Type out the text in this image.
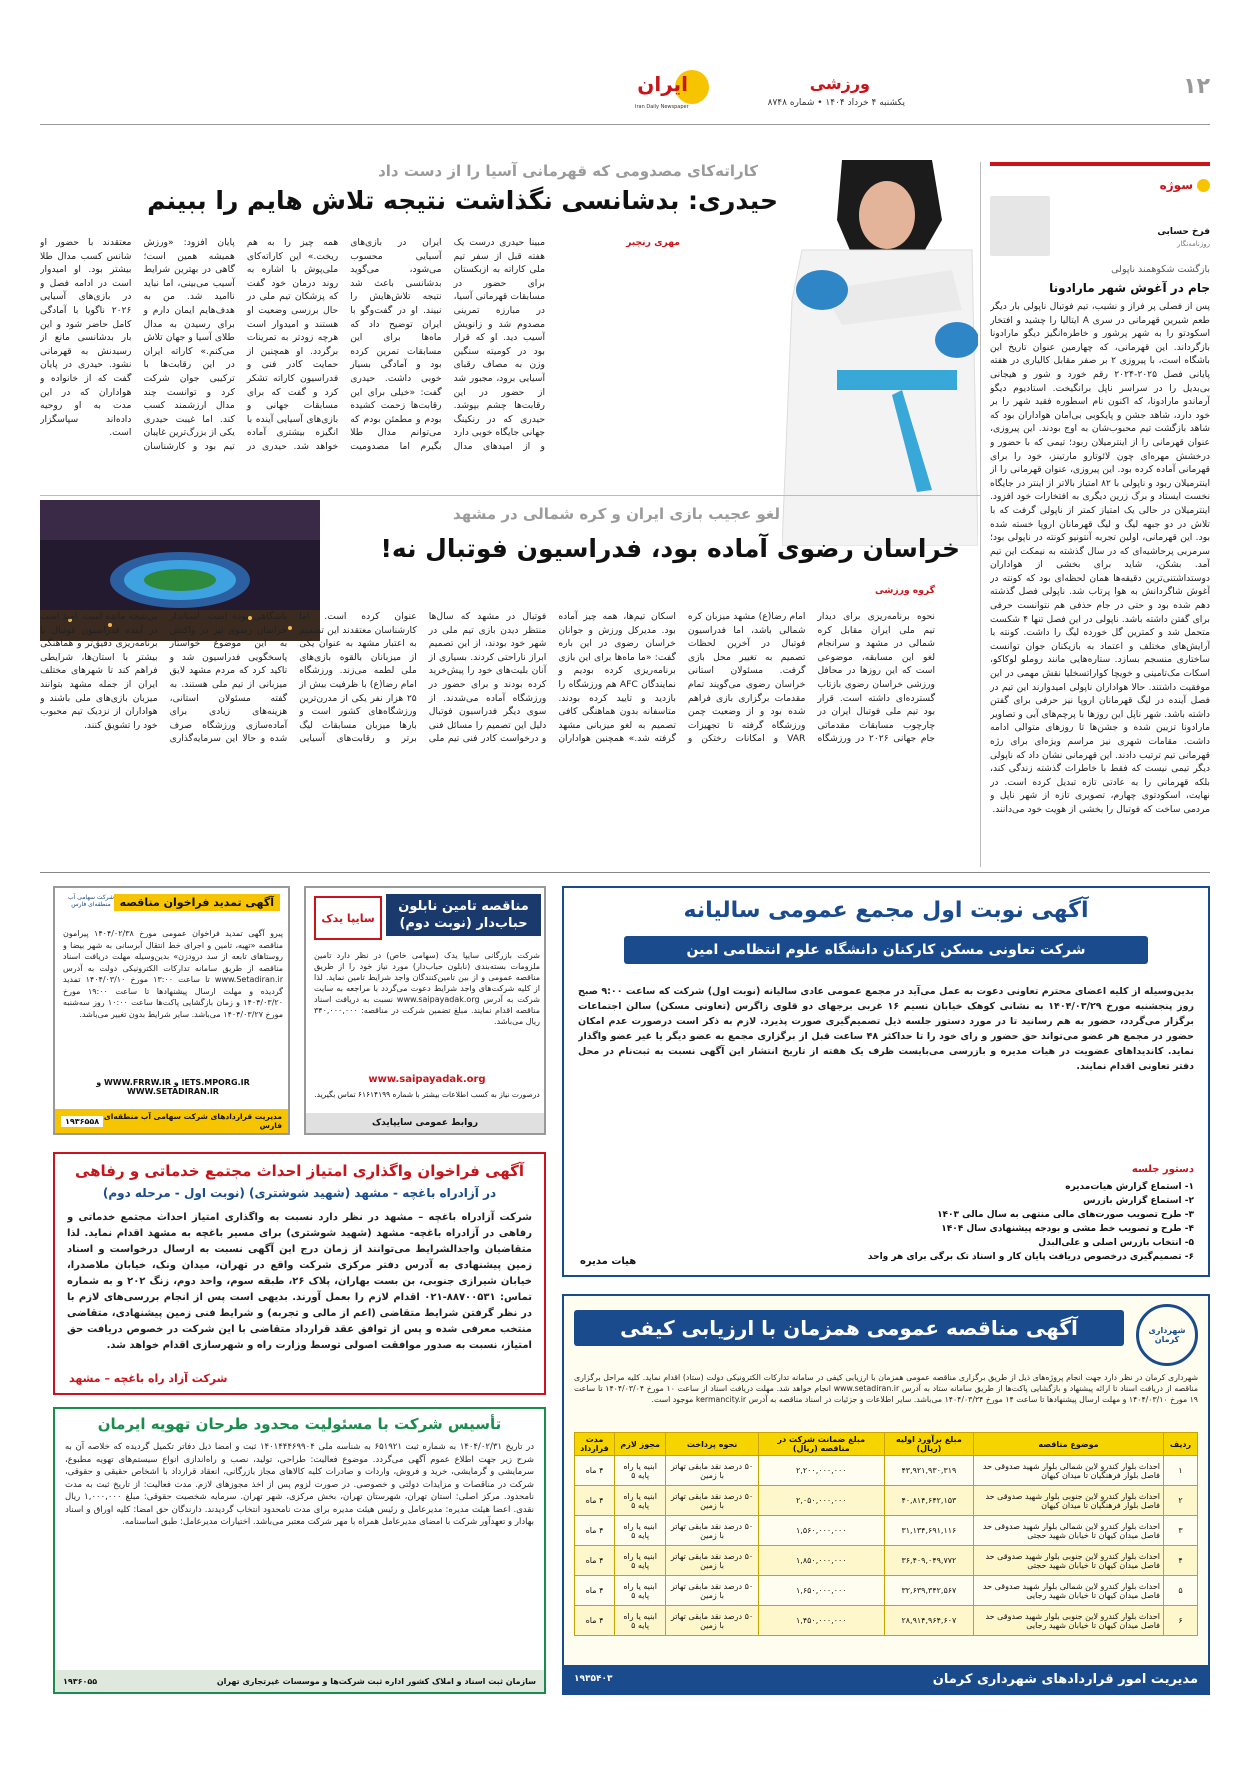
۱۲
ورزشی
یکشنبه ۴ خرداد ۱۴۰۴ • شماره ۸۷۴۸
ایران
Iran Daily Newspaper
سوژه
فرخ حسابی
روزنامه‌نگار
بازگشت شکوهمند ناپولی
جام در آغوش شهر مارادونا
پس از فصلی پر فراز و نشیب، تیم فوتبال ناپولی بار دیگر طعم شیرین قهرمانی در سری A ایتالیا را چشید و افتخار اسکودتو را به شهر پرشور و خاطره‌انگیز دیگو مارادونا بازگرداند. این قهرمانی، که چهارمین عنوان تاریخ این باشگاه است، با پیروزی ۲ بر صفر مقابل کالیاری در هفته پایانی فصل ۲۰۲۵-۲۰۲۴ رقم خورد و شور و هیجانی بی‌بدیل را در سراسر ناپل برانگیخت. استادیوم دیگو آرماندو مارادونا، که اکنون نام اسطوره فقید شهر را بر خود دارد، شاهد جشن و پایکوبی بی‌امان هواداران بود که شاهد بازگشت تیم محبوب‌شان به اوج بودند. این پیروزی، عنوان قهرمانی را از اینترمیلان ربود؛ تیمی که با حضور و درخشش مهره‌ای چون لائوتارو مارتینز، خود را برای قهرمانی آماده کرده بود. این پیروزی، عنوان قهرمانی را از اینترمیلان ربود و ناپولی با ۸۲ امتیاز بالاتر از اینتر در جایگاه نخست ایستاد و برگ زرین دیگری به افتخارات خود افزود. اینترمیلان در حالی یک امتیاز کمتر از ناپولی گرفت که با تلاش در دو جبهه لیگ و لیگ قهرمانان اروپا خسته شده بود. این قهرمانی، اولین تجربه آنتونیو کونته در ناپولی بود؛ سرمربی پرحاشیه‌ای که در سال گذشته به نیمکت این تیم آمد. بشکن، شاید برای بخشی از هواداران دوستداشتنی‌ترین دقیقه‌ها همان لحظه‌ای بود که کونته در آغوش شاگردانش به هوا پرتاب شد. ناپولی فصل گذشته دهم شده بود و حتی در جام حذفی هم نتوانست حرفی برای گفتن داشته باشد. ناپولی در این فصل تنها ۴ شکست متحمل شد و کمترین گل خورده لیگ را داشت. کونته با آرایش‌های مختلف و اعتماد به بازیکنان جوان توانست ساختاری منسجم بسازد. ستاره‌هایی مانند روملو لوکاکو، اسکات مک‌تامینی و خویچا کواراتسخلیا نقش مهمی در این موفقیت داشتند. حالا هواداران ناپولی امیدوارند این تیم در فصل آینده در لیگ قهرمانان اروپا نیز حرفی برای گفتن داشته باشد. شهر ناپل این روزها با پرچم‌های آبی و تصاویر مارادونا تزیین شده و جشن‌ها تا روزهای متوالی ادامه داشت. مقامات شهری نیز مراسم ویژه‌ای برای رژه قهرمانی تیم ترتیب دادند. این قهرمانی نشان داد که ناپولی دیگر تیمی نیست که فقط با خاطرات گذشته زندگی کند، بلکه قهرمانی را به عادتی تازه تبدیل کرده است. در نهایت، اسکودتوی چهارم، تصویری تازه از شهر ناپل و مردمی ساخت که فوتبال را بخشی از هویت خود می‌دانند.
کاراته‌کای مصدومی که قهرمانی آسیا را از دست داد
حیدری: بدشانسی نگذاشت نتیجه تلاش هایم را ببینم
مهری رنجبر
مبینا حیدری درست یک هفته قبل از سفر تیم ملی کاراته به ازبکستان برای حضور در مسابقات قهرمانی آسیا، در مبارزه تمرینی مصدوم شد و زانویش آسیب دید. او که قرار بود در کومیته سنگین وزن به مصاف رقبای آسیایی برود، مجبور شد از حضور در این رقابت‌ها چشم بپوشد. حیدری که در رنکینگ جهانی جایگاه خوبی دارد و از امیدهای مدال ایران در بازی‌های آسیایی محسوب می‌شود، می‌گوید بدشانسی باعث شد نتیجه تلاش‌هایش را نبیند. او در گفت‌وگو با ایران توضیح داد که ماه‌ها برای این مسابقات تمرین کرده بود و آمادگی بسیار خوبی داشت. حیدری گفت: «خیلی برای این رقابت‌ها زحمت کشیده بودم و مطمئن بودم که می‌توانم مدال طلا بگیرم اما مصدومیت همه چیز را به هم ریخت.» این کاراته‌کای ملی‌پوش با اشاره به روند درمان خود گفت که پزشکان تیم ملی در حال بررسی وضعیت او هستند و امیدوار است هرچه زودتر به تمرینات برگردد. او همچنین از حمایت کادر فنی و فدراسیون کاراته تشکر کرد و گفت که برای مسابقات جهانی و بازی‌های آسیایی آینده با انگیزه بیشتری آماده خواهد شد. حیدری در پایان افزود: «ورزش همیشه همین است؛ گاهی در بهترین شرایط آسیب می‌بینی، اما نباید ناامید شد. من به هدف‌هایم ایمان دارم و برای رسیدن به مدال طلای آسیا و جهان تلاش می‌کنم.» کاراته ایران در این رقابت‌ها با ترکیبی جوان شرکت کرد و توانست چند مدال ارزشمند کسب کند. اما غیبت حیدری یکی از بزرگ‌ترین غایبان تیم بود و کارشناسان معتقدند با حضور او شانس کسب مدال طلا بیشتر بود. او امیدوار است در ادامه فصل و در بازی‌های آسیایی ۲۰۲۶ ناگویا با آمادگی کامل حاضر شود و این بار بدشانسی مانع از رسیدنش به قهرمانی نشود. حیدری در پایان گفت که از خانواده و هواداران که در این مدت به او روحیه داده‌اند سپاسگزار است.
لغو عجیب بازی ایران و کره شمالی در مشهد
خراسان رضوی آماده بود، فدراسیون فوتبال نه!
گروه ورزشی
نحوه برنامه‌ریزی برای دیدار تیم ملی ایران مقابل کره شمالی در مشهد و سرانجام لغو این مسابقه، موضوعی است که این روزها در محافل ورزشی خراسان رضوی بازتاب گسترده‌ای داشته است. قرار بود تیم ملی فوتبال ایران در چارچوب مسابقات مقدماتی جام جهانی ۲۰۲۶ در ورزشگاه امام رضا(ع) مشهد میزبان کره شمالی باشد، اما فدراسیون فوتبال در آخرین لحظات تصمیم به تغییر محل بازی گرفت. مسئولان استانی خراسان رضوی می‌گویند تمام مقدمات برگزاری بازی فراهم شده بود و از وضعیت چمن ورزشگاه گرفته تا تجهیزات VAR و امکانات رختکن و اسکان تیم‌ها، همه چیز آماده بود. مدیرکل ورزش و جوانان خراسان رضوی در این باره گفت: «ما ماه‌ها برای این بازی برنامه‌ریزی کرده بودیم و نمایندگان AFC هم ورزشگاه را بازدید و تایید کرده بودند. متاسفانه بدون هماهنگی کافی تصمیم به لغو میزبانی مشهد گرفته شد.» همچنین هواداران فوتبال در مشهد که سال‌ها منتظر دیدن بازی تیم ملی در شهر خود بودند، از این تصمیم ابراز ناراحتی کردند. بسیاری از آنان بلیت‌های خود را پیش‌خرید کرده بودند و برای حضور در ورزشگاه آماده می‌شدند. از سوی دیگر فدراسیون فوتبال دلیل این تصمیم را مسائل فنی و درخواست کادر فنی تیم ملی عنوان کرده است. اما کارشناسان معتقدند این تصمیم به اعتبار مشهد به عنوان یکی از میزبانان بالقوه بازی‌های ملی لطمه می‌زند. ورزشگاه امام رضا(ع) با ظرفیت بیش از ۲۵ هزار نفر یکی از مدرن‌ترین ورزشگاه‌های کشور است و بارها میزبان مسابقات لیگ برتر و رقابت‌های آسیایی باشگاهی بوده است. استاندار خراسان رضوی نیز در واکنش به این موضوع خواستار پاسخگویی فدراسیون شد و تاکید کرد که مردم مشهد لایق میزبانی از تیم ملی هستند. به گفته مسئولان استانی، هزینه‌های زیادی برای آماده‌سازی ورزشگاه صرف شده و حالا این سرمایه‌گذاری بی‌نتیجه مانده است. امید است در آینده فدراسیون فوتبال با برنامه‌ریزی دقیق‌تر و هماهنگی بیشتر با استان‌ها، شرایطی فراهم کند تا شهرهای مختلف ایران از جمله مشهد بتوانند میزبان بازی‌های ملی باشند و هواداران از نزدیک تیم محبوب خود را تشویق کنند.
آگهی تمدید فراخوان مناقصه
شرکت سهامی آب منطقه‌ای فارس
پیرو آگهی تمدید فراخوان عمومی مورخ ۱۴۰۴/۰۲/۳۸ پیرامون مناقصه «تهیه، تامین و اجرای خط انتقال آبرسانی به شهر بیضا و روستاهای تابعه از سد درودزن» بدین‌وسیله مهلت دریافت اسناد مناقصه از طریق سامانه تدارکات الکترونیکی دولت به آدرس www.Setadiran.ir تا ساعت ۱۳:۰۰ مورخ ۱۴۰۴/۰۳/۱۰ تمدید گردیده و مهلت ارسال پیشنهادها تا ساعت ۱۹:۰۰ مورخ ۱۴۰۴/۰۳/۲۰ و زمان بازگشایی پاکت‌ها ساعت ۱۰:۰۰ روز سه‌شنبه مورخ ۱۴۰۴/۰۳/۲۷ می‌باشد. سایر شرایط بدون تغییر می‌باشد.
IETS.MPORG.IR و WWW.FRRW.IR و WWW.SETADIRAN.IR
مدیریت قراردادهای شرکت سهامی آب منطقه‌ای فارس
۱۹۳۶۵۵۸
مناقصه تامین نابلون حباب‌دار (نوبت دوم)
سایپا یدک
شرکت بازرگانی سایپا یدک (سهامی خاص) در نظر دارد تامین ملزومات بسته‌بندی (نابلون حباب‌دار) مورد نیاز خود را از طریق مناقصه عمومی و از بین تامین‌کنندگان واجد شرایط تامین نماید. لذا از کلیه شرکت‌های واجد شرایط دعوت می‌گردد با مراجعه به سایت شرکت به آدرس www.saipayadak.org نسبت به دریافت اسناد مناقصه اقدام نمایند. مبلغ تضمین شرکت در مناقصه: ۳۴۰,۰۰۰,۰۰۰ ریال می‌باشد.
www.saipayadak.org
درصورت نیاز به کسب اطلاعات بیشتر با شماره ۶۱۶۱۴۱۹۹ تماس بگیرید.
روابط عمومی سایپایدک
آگهی نوبت اول مجمع عمومی سالیانه
شرکت تعاونی مسکن کارکنان دانشگاه علوم انتظامی امین
بدین‌وسیله از کلیه اعضای محترم تعاونی دعوت به عمل می‌آید در مجمع عمومی عادی سالیانه (نوبت اول) شرکت که ساعت ۹:۰۰ صبح روز پنجشنبه مورخ ۱۴۰۴/۰۳/۲۹ به نشانی کوهک خیابان نسیم ۱۶ غربی برجهای دو قلوی زاگرس (تعاونی مسکن) سالن اجتماعات برگزار می‌گردد، حضور به هم رسانید تا در مورد دستور جلسه ذیل تصمیم‌گیری صورت پذیرد. لازم به ذکر است درصورت عدم امکان حضور در مجمع هر عضو می‌تواند حق حضور و رای خود را تا حداکثر ۴۸ ساعت قبل از برگزاری مجمع به عضو دیگر یا غیر عضو واگذار نماید. کاندیداهای عضویت در هیات مدیره و بازرسی می‌بایست ظرف یک هفته از تاریخ انتشار این آگهی نسبت به ثبت‌نام در محل دفتر تعاونی اقدام نمایند.
دستور جلسه
۱- استماع گزارش هیات‌مدیره
۲- استماع گزارش بازرس
۳- طرح تصویب صورت‌های مالی منتهی به سال مالی ۱۴۰۳
۴- طرح و تصویب خط مشی و بودجه پیشنهادی سال ۱۴۰۴
۵- انتخاب بازرس اصلی و علی‌البدل
۶- تصمیم‌گیری درخصوص دریافت پایان کار و اسناد تک برگی برای هر واحد
هیات مدیره
آگهی فراخوان واگذاری امتیاز احداث مجتمع خدماتی و رفاهی
در آزادراه باغچه - مشهد (شهید شوشتری) (نوبت اول - مرحله دوم)
شرکت آزادراه باغچه – مشهد در نظر دارد نسبت به واگذاری امتیاز احداث مجتمع خدماتی و رفاهی در آزادراه باغچه- مشهد (شهید شوشتری) برای مسیر باغچه به مشهد اقدام نماید. لذا متقاضیان واجدالشرایط می‌توانند از زمان درج این آگهی نسبت به ارسال درخواست و اسناد زمین پیشنهادی به آدرس دفتر مرکزی شرکت واقع در تهران، میدان ونک، خیابان ملاصدرا، خیابان شیرازی جنوبی، بن بست بهاران، پلاک ۲۶، طبقه سوم، واحد دوم، زنگ ۲۰۲ و به شماره تماس: ۸۸۷۰۰۵۳۱-۰۲۱ اقدام لازم را بعمل آورند. بدیهی است پس از انجام بررسی‌های لازم با در نظر گرفتن شرایط متقاضی (اعم از مالی و تجربه) و شرایط فنی زمین پیشنهادی، متقاضی منتخب معرفی شده و پس از توافق عقد قرارداد متقاضی با این شرکت در خصوص دریافت حق امتیاز، نسبت به صدور موافقت اصولی توسط وزارت راه و شهرسازی اقدام خواهد شد.
شرکت آزاد راه باغچه – مشهد
تأسیس شرکت با مسئولیت محدود طرحان تهویه ایرمان
در تاریخ ۱۴۰۴/۰۲/۳۱ به شماره ثبت ۶۵۱۹۲۱ به شناسه ملی ۱۴۰۱۴۴۴۶۹۹۰۴ ثبت و امضا ذیل دفاتر تکمیل گردیده که خلاصه آن به شرح زیر جهت اطلاع عموم آگهی می‌گردد. موضوع فعالیت: طراحی، تولید، نصب و راه‌اندازی انواع سیستم‌های تهویه مطبوع، سرمایشی و گرمایشی، خرید و فروش، واردات و صادرات کلیه کالاهای مجاز بازرگانی، انعقاد قرارداد با اشخاص حقیقی و حقوقی، شرکت در مناقصات و مزایدات دولتی و خصوصی. در صورت لزوم پس از اخذ مجوزهای لازم. مدت فعالیت: از تاریخ ثبت به مدت نامحدود. مرکز اصلی: استان تهران، شهرستان تهران، بخش مرکزی، شهر تهران. سرمایه شخصیت حقوقی: مبلغ ۱,۰۰۰,۰۰۰ ریال نقدی. اعضا هیئت مدیره: مدیرعامل و رئیس هیئت مدیره برای مدت نامحدود انتخاب گردیدند. دارندگان حق امضا: کلیه اوراق و اسناد بهادار و تعهدآور شرکت با امضای مدیرعامل همراه با مهر شرکت معتبر می‌باشد. اختیارات مدیرعامل: طبق اساسنامه.
سازمان ثبت اسناد و املاک کشور اداره ثبت شرکت‌ها و موسسات غیرتجاری تهران
۱۹۳۶۰۵۵
شهرداری کرمان
آگهی مناقصه عمومی همزمان با ارزیابی کیفی
شهرداری کرمان در نظر دارد جهت انجام پروژه‌های ذیل از طریق برگزاری مناقصه عمومی همزمان با ارزیابی کیفی در سامانه تدارکات الکترونیکی دولت (ستاد) اقدام نماید. کلیه مراحل برگزاری مناقصه از دریافت اسناد تا ارائه پیشنهاد و بازگشایی پاکت‌ها از طریق سامانه ستاد به آدرس www.setadiran.ir انجام خواهد شد. مهلت دریافت اسناد از ساعت ۱۰ مورخ ۱۴۰۴/۰۳/۰۴ تا ساعت ۱۹ مورخ ۱۴۰۴/۰۳/۱۰ و مهلت ارسال پیشنهادها تا ساعت ۱۴ مورخ ۱۴۰۴/۰۳/۲۴ می‌باشد. سایر اطلاعات و جزئیات در اسناد مناقصه به آدرس kermancity.ir موجود است.
ردیف	موضوع مناقصه	مبلغ برآورد اولیه (ریال)	مبلغ ضمانت شرکت در مناقصه (ریال)	نحوه پرداخت	مجوز لازم	مدت قرارداد
۱	احداث بلوار کندرو لاین شمالی بلوار شهید صدوقی حد فاصل بلوار فرهنگیان تا میدان کیهان	۴۳,۹۲۱,۹۳۰,۳۱۹	۲,۲۰۰,۰۰۰,۰۰۰	۵۰ درصد نقد مابقی تهاتر با زمین	ابنیه یا راه پایه ۵	۴ ماه
۲	احداث بلوار کندرو لاین جنوبی بلوار شهید صدوقی حد فاصل بلوار فرهنگیان تا میدان کیهان	۴۰,۸۱۴,۶۴۲,۱۵۳	۲,۰۵۰,۰۰۰,۰۰۰	۵۰ درصد نقد مابقی تهاتر با زمین	ابنیه یا راه پایه ۵	۴ ماه
۳	احداث بلوار کندرو لاین شمالی بلوار شهید صدوقی حد فاصل میدان کیهان تا خیابان شهید حجتی	۳۱,۱۳۴,۶۹۱,۱۱۶	۱,۵۶۰,۰۰۰,۰۰۰	۵۰ درصد نقد مابقی تهاتر با زمین	ابنیه یا راه پایه ۵	۴ ماه
۴	احداث بلوار کندرو لاین جنوبی بلوار شهید صدوقی حد فاصل میدان کیهان تا خیابان شهید حجتی	۳۶,۴۰۹,۰۴۹,۷۷۲	۱,۸۵۰,۰۰۰,۰۰۰	۵۰ درصد نقد مابقی تهاتر با زمین	ابنیه یا راه پایه ۵	۴ ماه
۵	احداث بلوار کندرو لاین شمالی بلوار شهید صدوقی حد فاصل میدان کیهان تا خیابان شهید رجایی	۳۲,۶۳۹,۳۴۲,۵۶۷	۱,۶۵۰,۰۰۰,۰۰۰	۵۰ درصد نقد مابقی تهاتر با زمین	ابنیه یا راه پایه ۵	۴ ماه
۶	احداث بلوار کندرو لاین جنوبی بلوار شهید صدوقی حد فاصل میدان کیهان تا خیابان شهید رجایی	۲۸,۹۱۴,۹۶۴,۶۰۷	۱,۴۵۰,۰۰۰,۰۰۰	۵۰ درصد نقد مابقی تهاتر با زمین	ابنیه یا راه پایه ۵	۴ ماه
مدیریت امور قراردادهای شهرداری کرمان
۱۹۳۵۴۰۳
